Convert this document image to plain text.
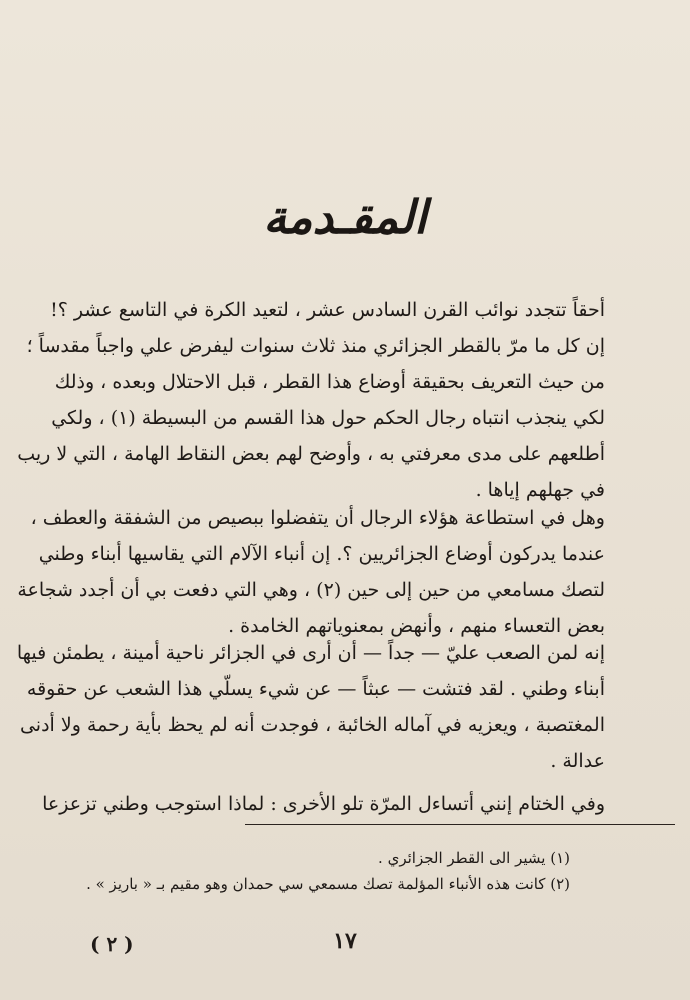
المقـدمة
أحقاً تتجدد نوائب القرن السادس عشر ، لتعيد الكرة في التاسع عشر ؟!
إن كل ما مرّ بالقطر الجزائري منذ ثلاث سنوات ليفرض علي واجباً مقدساً ؛
من حيث التعريف بحقيقة أوضاع هذا القطر ، قبل الاحتلال وبعده ، وذلك
لكي ينجذب انتباه رجال الحكم حول هذا القسم من البسيطة (١) ، ولكي
أطلعهم على مدى معرفتي به ، وأوضح لهم بعض النقاط الهامة ، التي لا ريب
في جهلهم إياها .
وهل في استطاعة هؤلاء الرجال أن يتفضلوا ببصيص من الشفقة والعطف ،
عندما يدركون أوضاع الجزائريين ؟. إن أنباء الآلام التي يقاسيها أبناء وطني
لتصك مسامعي من حين إلى حين (٢) ، وهي التي دفعت بي أن أجدد شجاعة
بعض التعساء منهم ، وأنهض بمعنوياتهم الخامدة .
إنه لمن الصعب عليّ — جداً — أن أرى في الجزائر ناحية أمينة ، يطمئن فيها
أبناء وطني . لقد فتشت — عبثاً — عن شيء يسلّي هذا الشعب عن حقوقه
المغتصبة ، ويعزيه في آماله الخائبة ، فوجدت أنه لم يحظ بأية رحمة ولا أدنى
عدالة .
وفي الختام إنني أتساءل المرّة تلو الأخرى : لماذا استوجب وطني تزعزعا
(١) يشير الى القطر الجزائري .
(٢) كانت هذه الأنباء المؤلمة تصك مسمعي سي حمدان وهو مقيم بـ « باريز » .
١٧
( ٢ )
